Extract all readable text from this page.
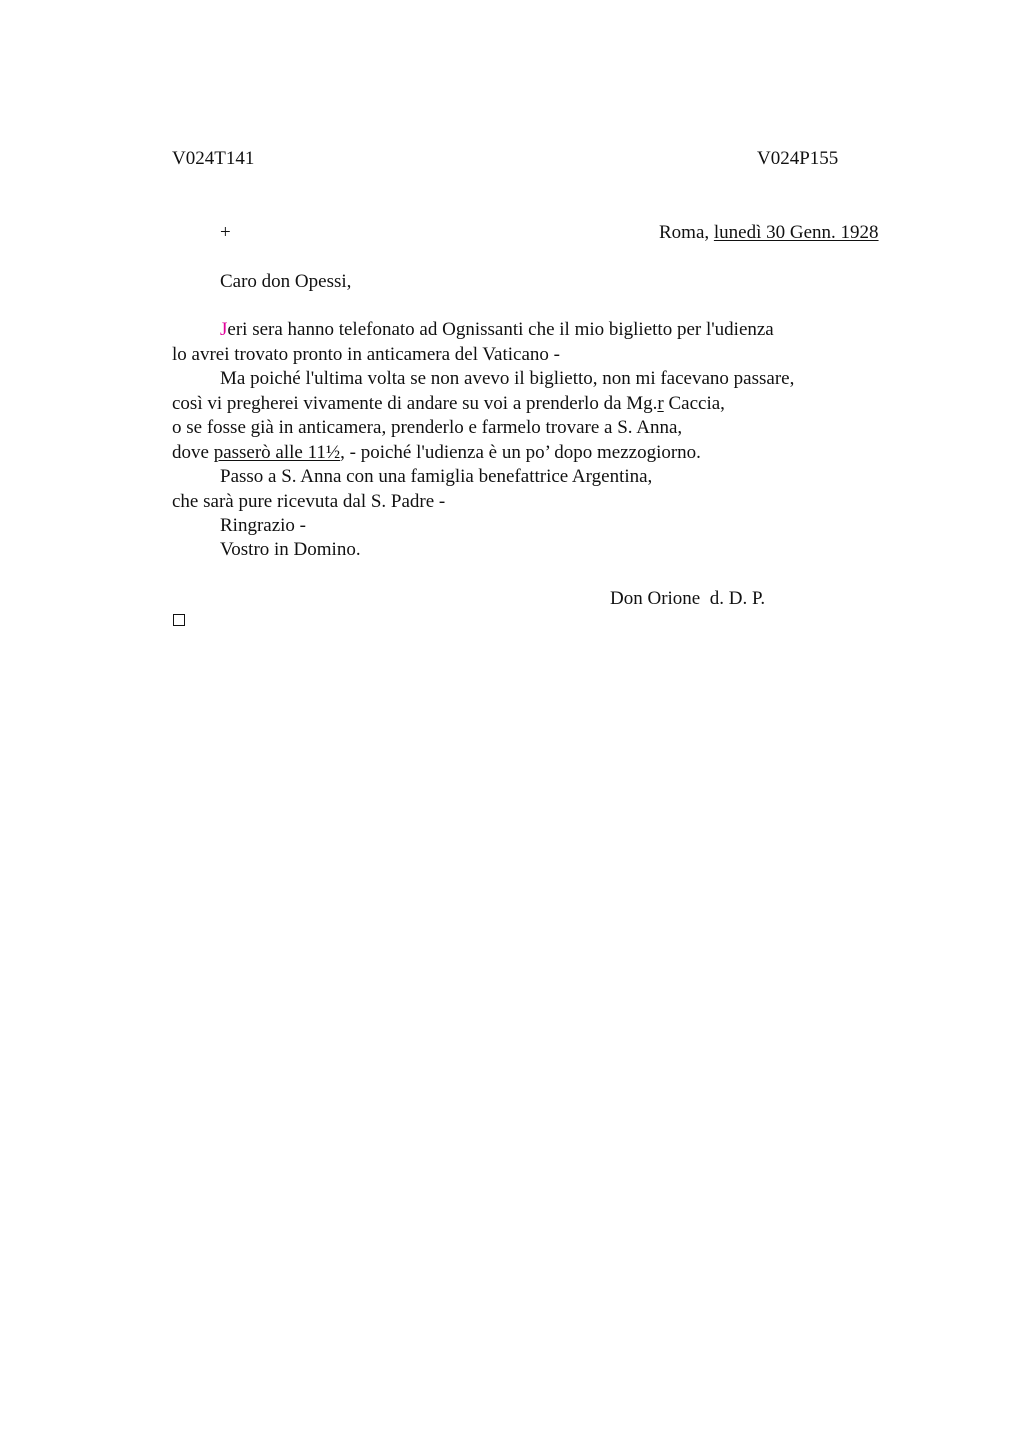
V024T141	V024P155
+	Roma, lunedì 30 Genn. 1928
Caro don Opessi,
Jeri sera hanno telefonato ad Ognissanti che il mio biglietto per l'udienza
lo avrei trovato pronto in anticamera del Vaticano -
Ma poiché l'ultima volta se non avevo il biglietto, non mi facevano passare,
così vi pregherei vivamente di andare su voi a prenderlo da Mg.r Caccia,
o se fosse già in anticamera, prenderlo e farmelo trovare a S. Anna,
dove passerò alle 11½, - poiché l'udienza è un po’ dopo mezzogiorno.
Passo a S. Anna con una famiglia benefattrice Argentina,
che sarà pure ricevuta dal S. Padre -
Ringrazio -
Vostro in Domino.
Don Orione  d. D. P.
